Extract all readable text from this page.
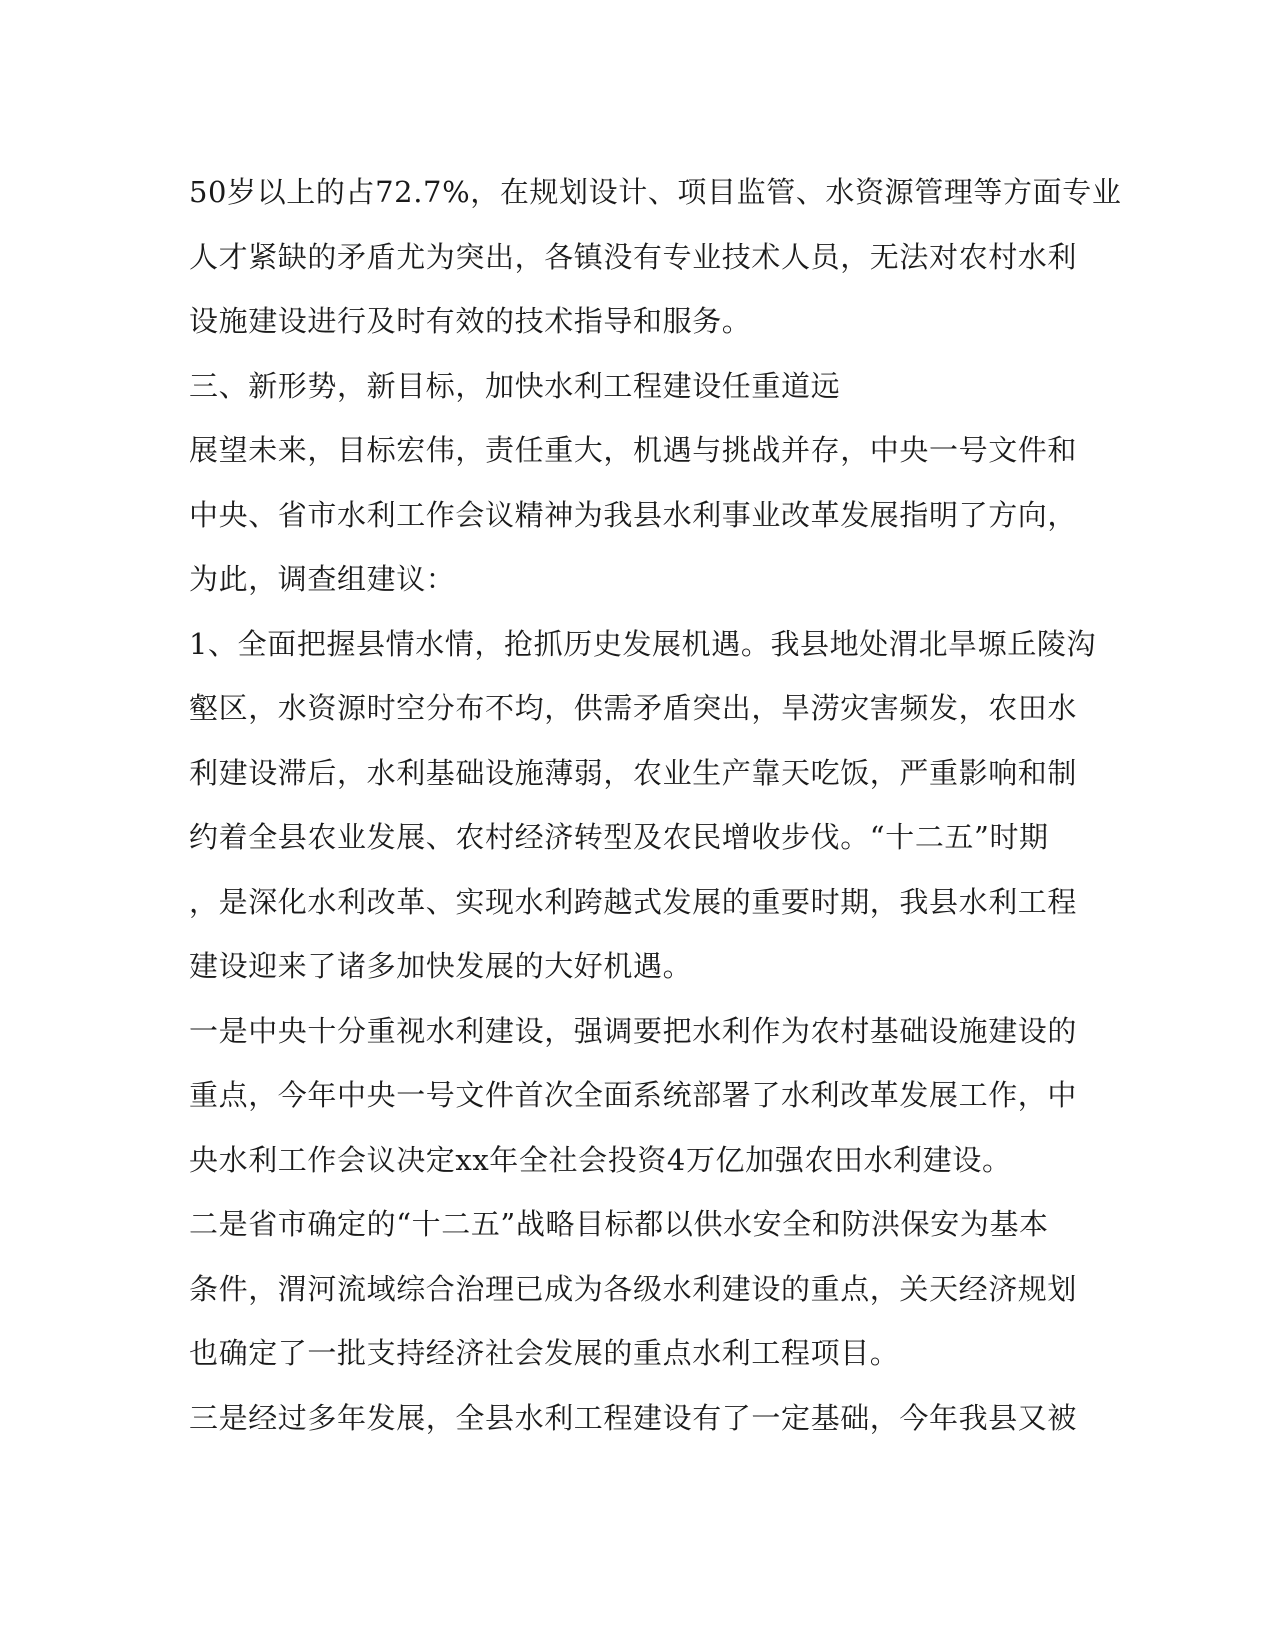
50岁以上的占72.7%，在规划设计、项目监管、水资源管理等方面专业
人才紧缺的矛盾尤为突出，各镇没有专业技术人员，无法对农村水利
设施建设进行及时有效的技术指导和服务。
三、新形势，新目标，加快水利工程建设任重道远
展望未来，目标宏伟，责任重大，机遇与挑战并存，中央一号文件和
中央、省市水利工作会议精神为我县水利事业改革发展指明了方向，
为此，调查组建议：
1、全面把握县情水情，抢抓历史发展机遇。我县地处渭北旱塬丘陵沟
壑区，水资源时空分布不均，供需矛盾突出，旱涝灾害频发，农田水
利建设滞后，水利基础设施薄弱，农业生产靠天吃饭，严重影响和制
约着全县农业发展、农村经济转型及农民增收步伐。“十二五”时期
，是深化水利改革、实现水利跨越式发展的重要时期，我县水利工程
建设迎来了诸多加快发展的大好机遇。
一是中央十分重视水利建设，强调要把水利作为农村基础设施建设的
重点，今年中央一号文件首次全面系统部署了水利改革发展工作，中
央水利工作会议决定xx年全社会投资4万亿加强农田水利建设。
二是省市确定的“十二五”战略目标都以供水安全和防洪保安为基本
条件，渭河流域综合治理已成为各级水利建设的重点，关天经济规划
也确定了一批支持经济社会发展的重点水利工程项目。
三是经过多年发展，全县水利工程建设有了一定基础，今年我县又被
